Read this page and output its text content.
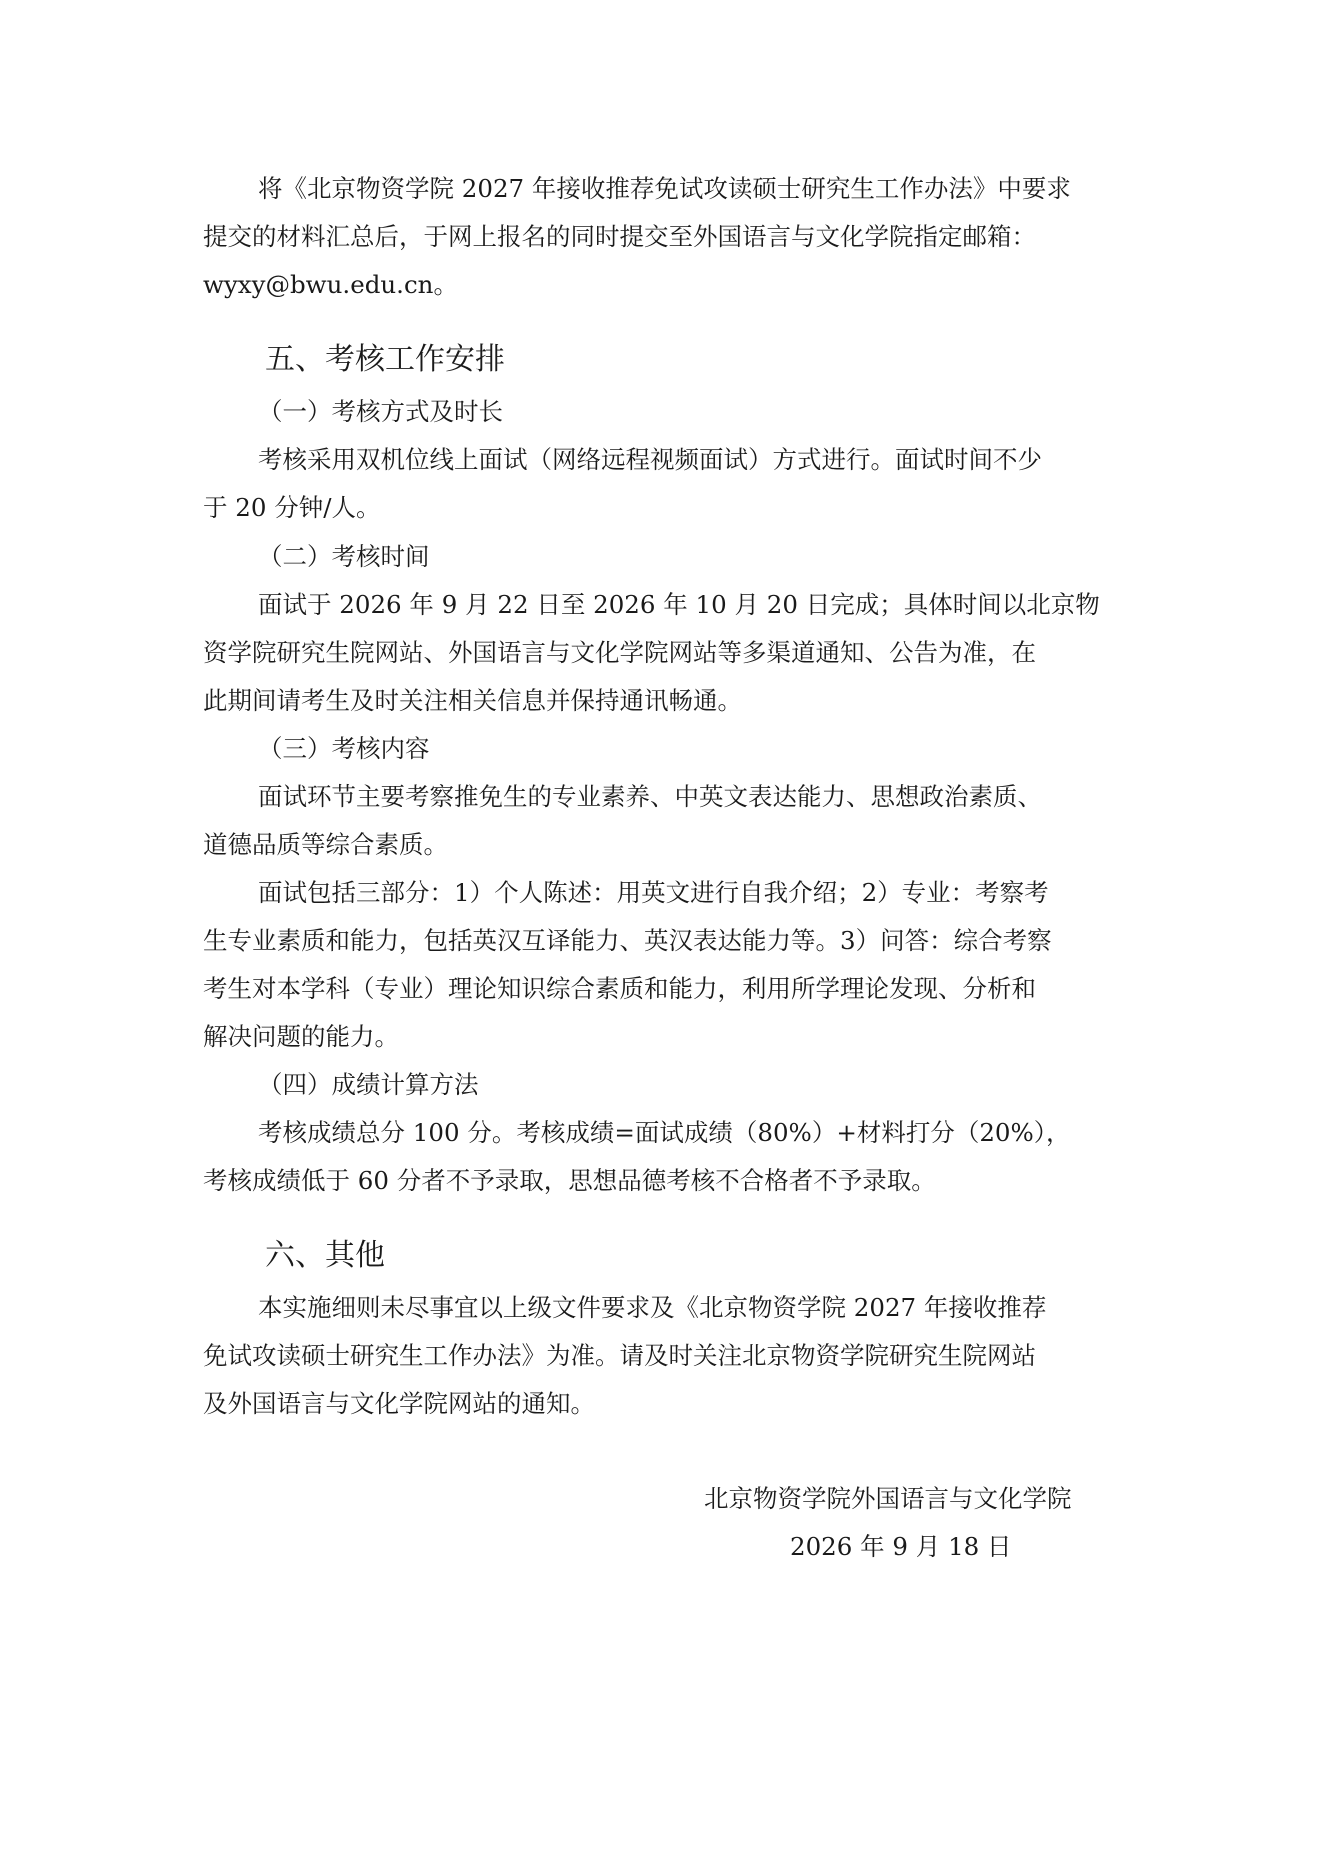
将《北京物资学院 2027 年接收推荐免试攻读硕士研究生工作办法》中要求
提交的材料汇总后，于网上报名的同时提交至外国语言与文化学院指定邮箱：
wyxy@bwu.edu.cn。
五、考核工作安排
（一）考核方式及时长
考核采用双机位线上面试（网络远程视频面试）方式进行。面试时间不少
于 20 分钟/人。
（二）考核时间
面试于 2026 年 9 月 22 日至 2026 年 10 月 20 日完成；具体时间以北京物
资学院研究生院网站、外国语言与文化学院网站等多渠道通知、公告为准，在
此期间请考生及时关注相关信息并保持通讯畅通。
（三）考核内容
面试环节主要考察推免生的专业素养、中英文表达能力、思想政治素质、
道德品质等综合素质。
面试包括三部分：1）个人陈述：用英文进行自我介绍；2）专业：考察考
生专业素质和能力，包括英汉互译能力、英汉表达能力等。3）问答：综合考察
考生对本学科（专业）理论知识综合素质和能力，利用所学理论发现、分析和
解决问题的能力。
（四）成绩计算方法
考核成绩总分 100 分。考核成绩=面试成绩（80%）+材料打分（20%），
考核成绩低于 60 分者不予录取，思想品德考核不合格者不予录取。
六、其他
本实施细则未尽事宜以上级文件要求及《北京物资学院 2027 年接收推荐
免试攻读硕士研究生工作办法》为准。请及时关注北京物资学院研究生院网站
及外国语言与文化学院网站的通知。
北京物资学院外国语言与文化学院
2026 年 9 月 18 日
